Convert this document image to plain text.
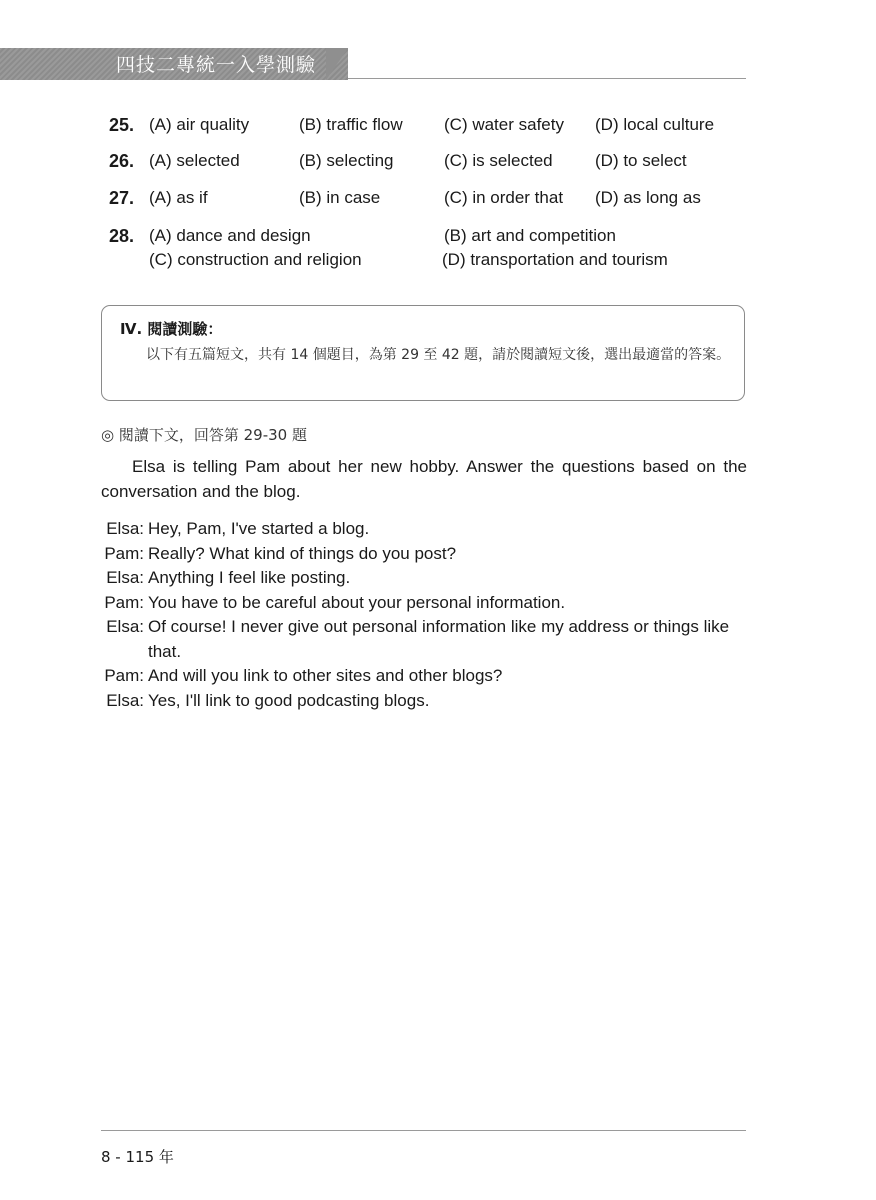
四技二專統一入學測驗
25. (A) air quality	(B) traffic flow (C) water safety (D) local culture
26. (A) selected	(B) selecting	(C) is selected (D) to select
27. (A) as if	(B) in case	(C) in order that (D) as long as
28. (A) dance and design	(B) art and competition
(C) construction and religion	(D) transportation and tourism
Ⅳ. 閱讀測驗：
以下有五篇短文，共有 14 個題目，為第 29 至 42 題，請於閱讀短文後，選出最適當的答案。
◎ 閱讀下文，回答第 29-30 題
Elsa is telling Pam about her new hobby. Answer the questions based on the conversation and the blog.
Elsa: Hey, Pam, I've started a blog.
Pam: Really? What kind of things do you post?
Elsa: Anything I feel like posting.
Pam: You have to be careful about your personal information.
Elsa: Of course! I never give out personal information like my address or things like that.
Pam: And will you link to other sites and other blogs?
Elsa: Yes, I'll link to good podcasting blogs.
8 - 115 年
